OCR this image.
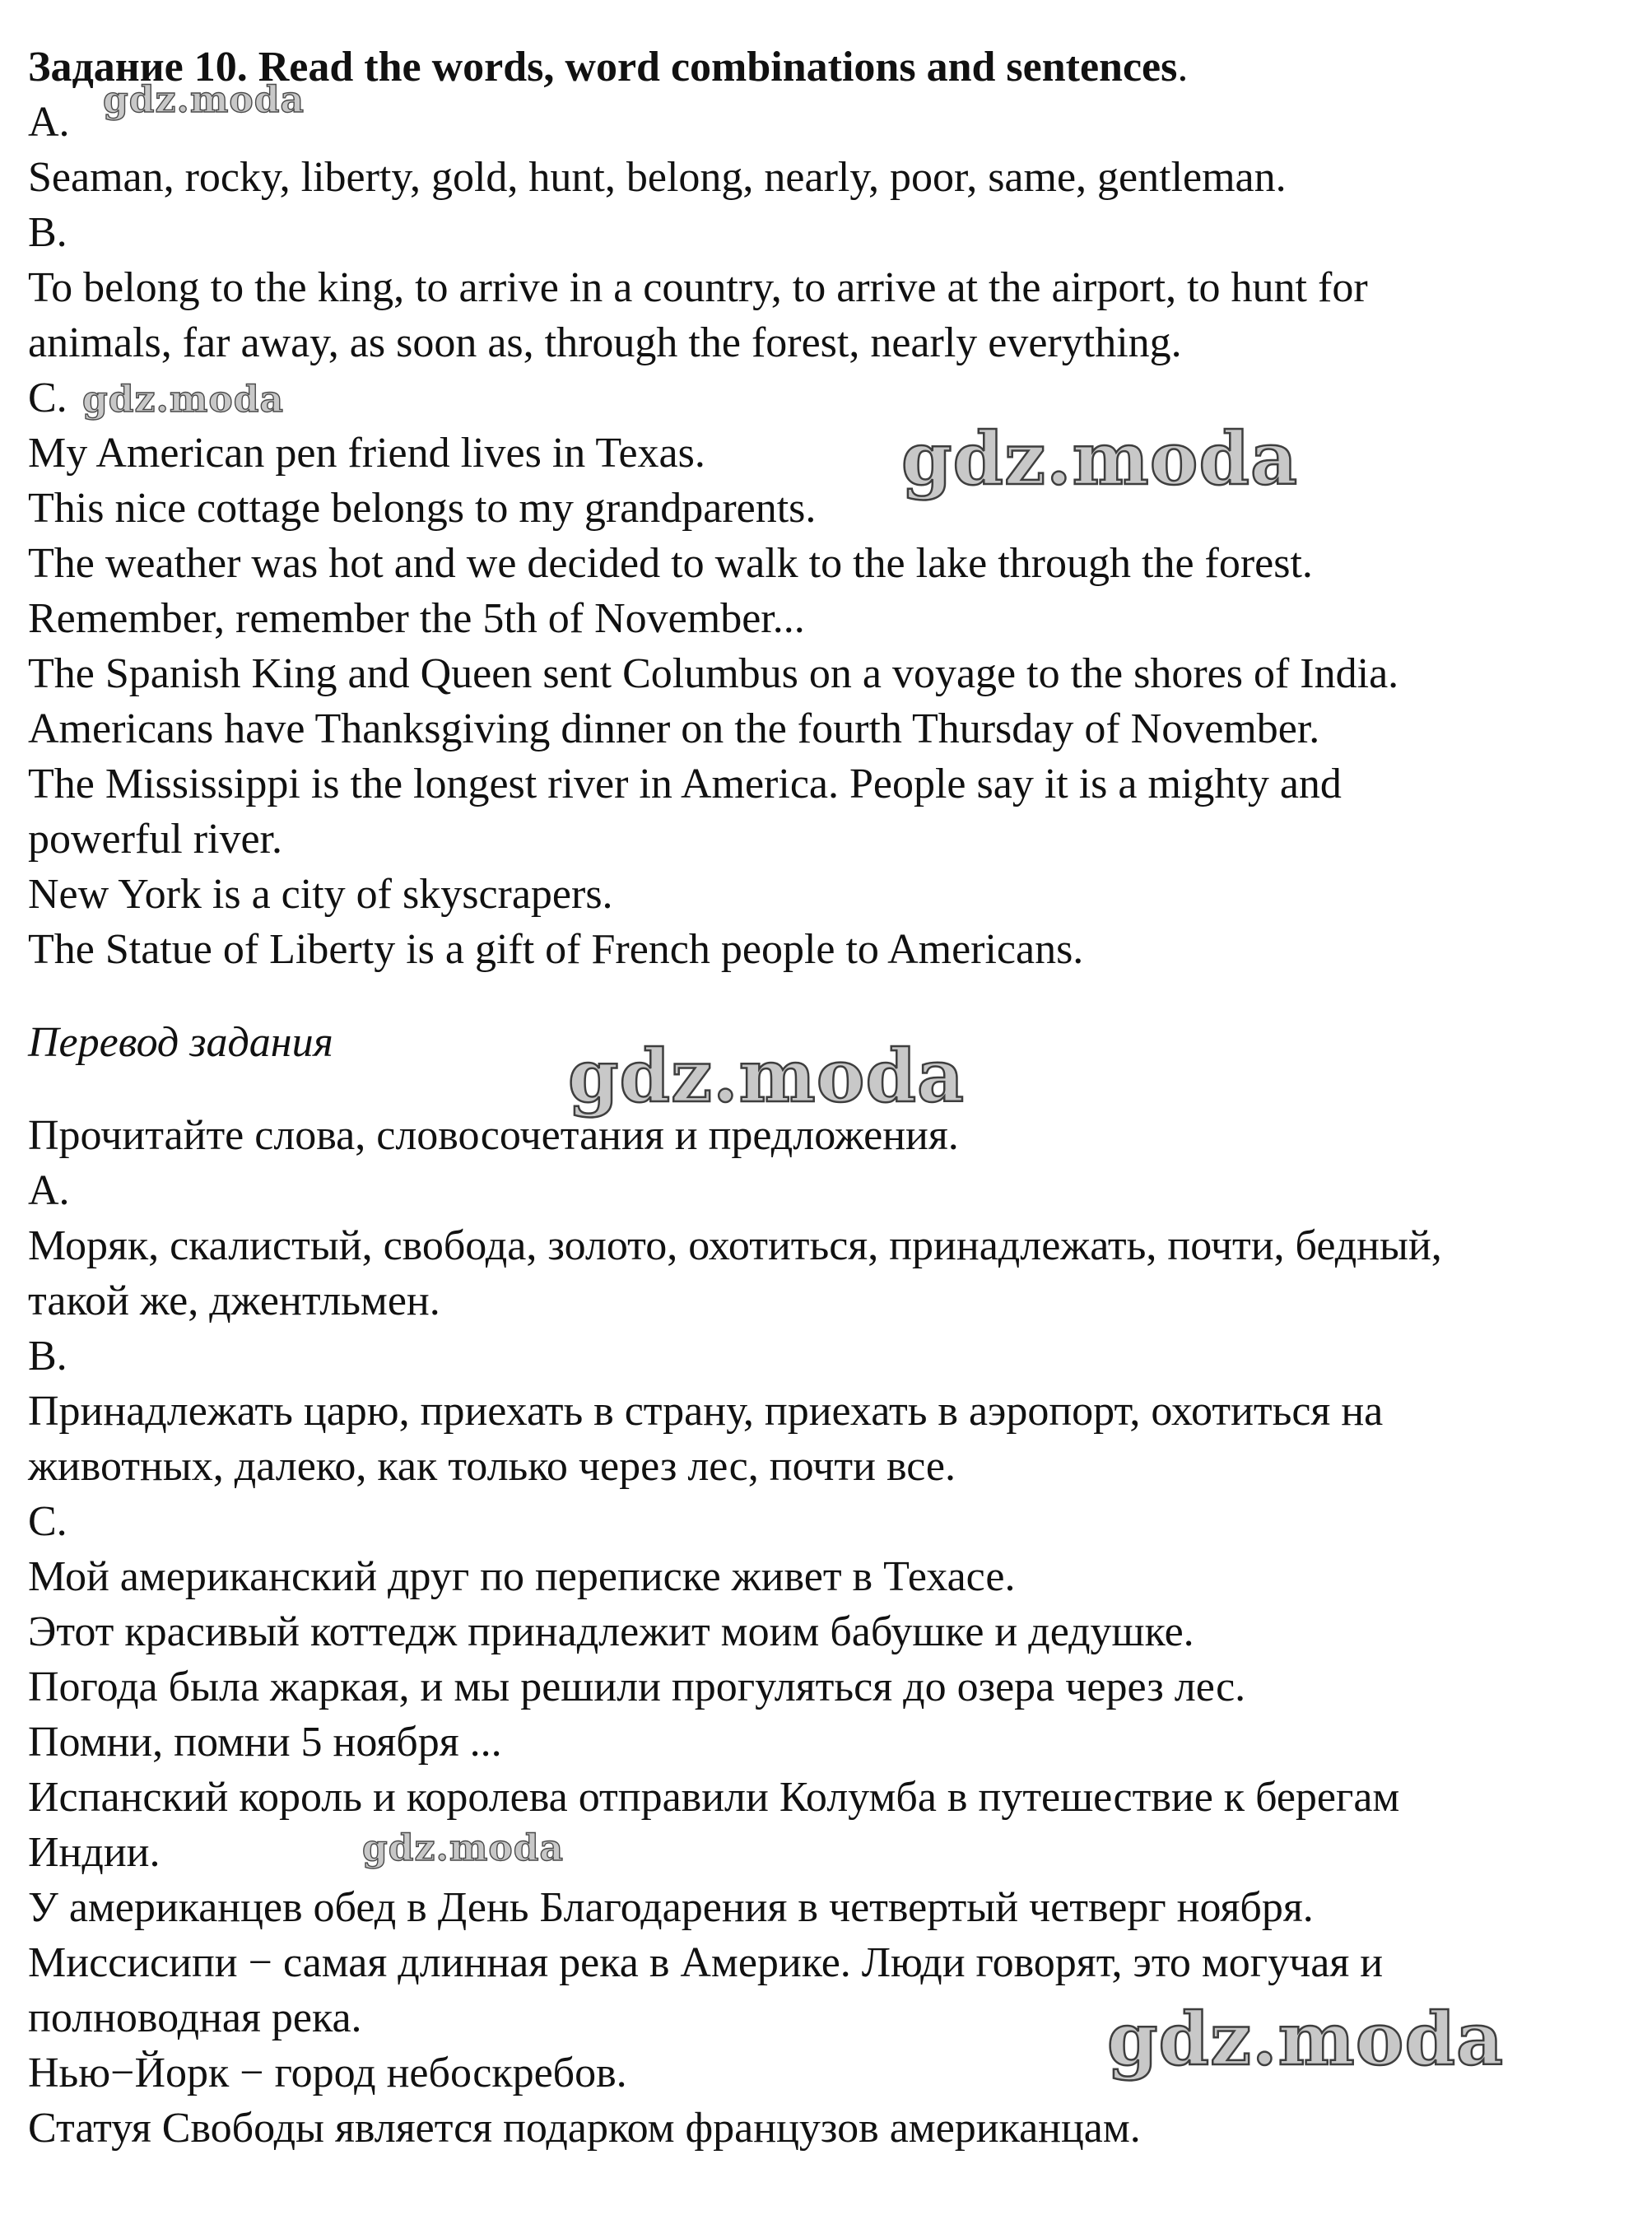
Задание 10. Read the words, word combinations and sentences.

A.

Seaman, rocky, liberty, gold, hunt, belong, nearly, poor, same, gentleman.

B.

To belong to the king, to arrive in a country, to arrive at the airport, to hunt for

animals, far away, as soon as, through the forest, nearly everything.

C.

My American pen friend lives in Texas.

This nice cottage belongs to my grandparents.

The weather was hot and we decided to walk to the lake through the forest.

Remember, remember the 5th of November...

The Spanish King and Queen sent Columbus on a voyage to the shores of India.

Americans have Thanksgiving dinner on the fourth Thursday of November.

The Mississippi is the longest river in America. People say it is a mighty and

powerful river.

New York is a city of skyscrapers.

The Statue of Liberty is a gift of French people to Americans.

Перевод задания

Прочитайте слова, словосочетания и предложения.

A.

Моряк, скалистый, свобода, золото, охотиться, принадлежать, почти, бедный,

такой же, джентльмен.

B.

Принадлежать царю, приехать в страну, приехать в аэропорт, охотиться на

животных, далеко, как только через лес, почти все.

C.

Мой американский друг по переписке живет в Техасе.

Этот красивый коттедж принадлежит моим бабушке и дедушке.

Погода была жаркая, и мы решили прогуляться до озера через лес.

Помни, помни 5 ноября ...

Испанский король и королева отправили Колумба в путешествие к берегам

Индии.

У американцев обед в День Благодарения в четвертый четверг ноября.

Миссисипи − самая длинная река в Америке. Люди говорят, это могучая и

полноводная река.

Нью−Йорк − город небоскребов.

Статуя Свободы является подарком французов американцам.

gdz.moda
gdz.moda
gdz.moda
gdz.moda
gdz.moda
gdz.moda
